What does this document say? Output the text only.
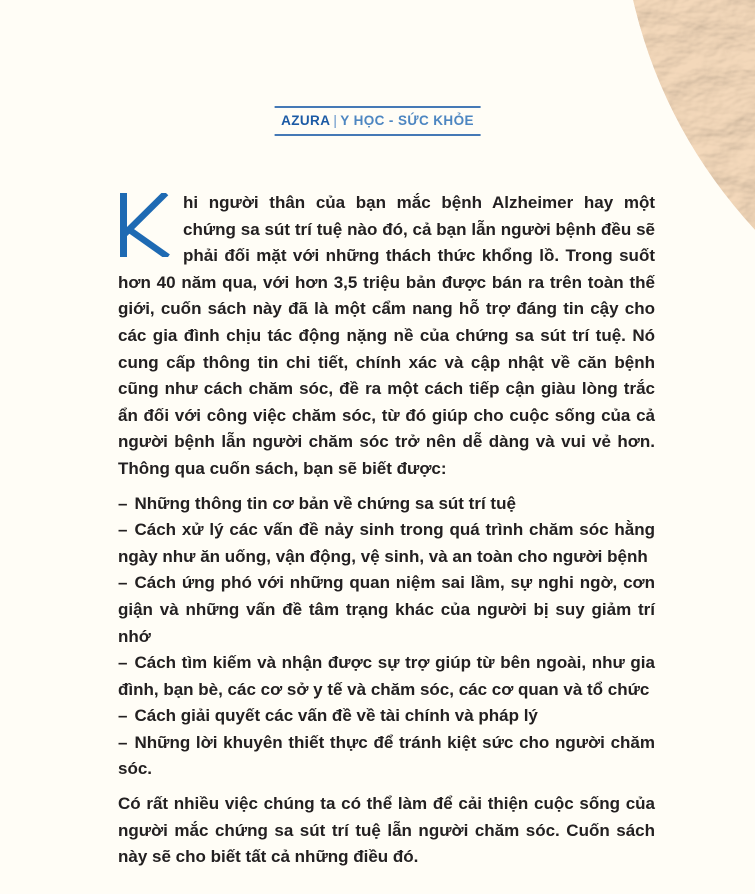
AZURA | Y HỌC - SỨC KHỎE

hi người thân của bạn mắc bệnh Alzheimer hay một chứng sa sút trí tuệ nào đó, cả bạn lẫn người bệnh đều sẽ phải đối mặt với những thách thức khổng lồ. Trong suốt hơn 40 năm qua, với hơn 3,5 triệu bản được bán ra trên toàn thế giới, cuốn sách này đã là một cẩm nang hỗ trợ đáng tin cậy cho các gia đình chịu tác động nặng nề của chứng sa sút trí tuệ. Nó cung cấp thông tin chi tiết, chính xác và cập nhật về căn bệnh cũng như cách chăm sóc, đề ra một cách tiếp cận giàu lòng trắc ẩn đối với công việc chăm sóc, từ đó giúp cho cuộc sống của cả người bệnh lẫn người chăm sóc trở nên dễ dàng và vui vẻ hơn. Thông qua cuốn sách, bạn sẽ biết được:

– Những thông tin cơ bản về chứng sa sút trí tuệ

– Cách xử lý các vấn đề nảy sinh trong quá trình chăm sóc hằng ngày như ăn uống, vận động, vệ sinh, và an toàn cho người bệnh

– Cách ứng phó với những quan niệm sai lầm, sự nghi ngờ, cơn giận và những vấn đề tâm trạng khác của người bị suy giảm trí nhớ

– Cách tìm kiếm và nhận được sự trợ giúp từ bên ngoài, như gia đình, bạn bè, các cơ sở y tế và chăm sóc, các cơ quan và tổ chức

– Cách giải quyết các vấn đề về tài chính và pháp lý

– Những lời khuyên thiết thực để tránh kiệt sức cho người chăm sóc.

Có rất nhiều việc chúng ta có thể làm để cải thiện cuộc sống của người mắc chứng sa sút trí tuệ lẫn người chăm sóc. Cuốn sách này sẽ cho biết tất cả những điều đó.
